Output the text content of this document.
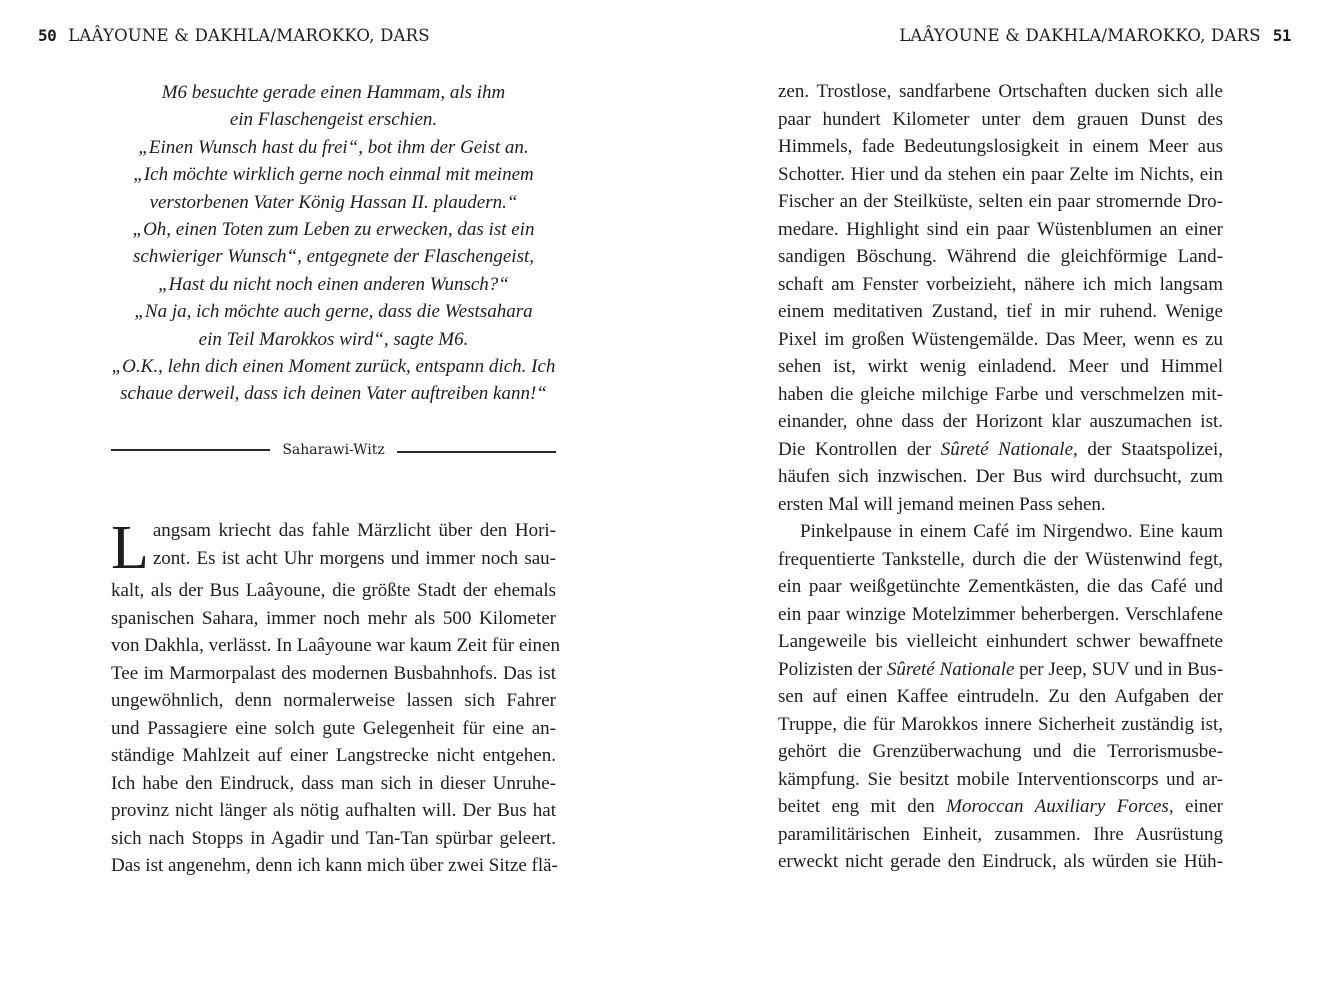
50 LAÂYOUNE & DAKHLA/MAROKKO, DARS	LAÂYOUNE & DAKHLA/MAROKKO, DARS 51
M6 besuchte gerade einen Hammam, als ihm
ein Flaschengeist erschien.
„Einen Wunsch hast du frei“, bot ihm der Geist an.
„Ich möchte wirklich gerne noch einmal mit meinem
verstorbenen Vater König Hassan II. plaudern.“
„Oh, einen Toten zum Leben zu erwecken, das ist ein
schwieriger Wunsch“, entgegnete der Flaschengeist,
„Hast du nicht noch einen anderen Wunsch?“
„Na ja, ich möchte auch gerne, dass die Westsahara
ein Teil Marokkos wird“, sagte M6.
„O.K., lehn dich einen Moment zurück, entspann dich. Ich
schaue derweil, dass ich deinen Vater auftreiben kann!“
Saharawi-Witz
L angsam kriecht das fahle Märzlicht über den Hori-
zont. Es ist acht Uhr morgens und immer noch sau-
kalt, als der Bus Laâyoune, die größte Stadt der ehemals
spanischen Sahara, immer noch mehr als 500 Kilometer
von Dakhla, verlässt. In Laâyoune war kaum Zeit für einen
Tee im Marmorpalast des modernen Busbahnhofs. Das ist
ungewöhnlich, denn normalerweise lassen sich Fahrer
und Passagiere eine solch gute Gelegenheit für eine an-
ständige Mahlzeit auf einer Langstrecke nicht entgehen.
Ich habe den Eindruck, dass man sich in dieser Unruhe-
provinz nicht länger als nötig aufhalten will. Der Bus hat
sich nach Stopps in Agadir und Tan-Tan spürbar geleert.
Das ist angenehm, denn ich kann mich über zwei Sitze flä-
zen. Trostlose, sandfarbene Ortschaften ducken sich alle
paar hundert Kilometer unter dem grauen Dunst des
Himmels, fade Bedeutungslosigkeit in einem Meer aus
Schotter. Hier und da stehen ein paar Zelte im Nichts, ein
Fischer an der Steilküste, selten ein paar stromernde Dro-
medare. Highlight sind ein paar Wüstenblumen an einer
sandigen Böschung. Während die gleichförmige Land-
schaft am Fenster vorbeizieht, nähere ich mich langsam
einem meditativen Zustand, tief in mir ruhend. Wenige
Pixel im großen Wüstengemälde. Das Meer, wenn es zu
sehen ist, wirkt wenig einladend. Meer und Himmel
haben die gleiche milchige Farbe und verschmelzen mit-
einander, ohne dass der Horizont klar auszumachen ist.
Die Kontrollen der Sûreté Nationale, der Staatspolizei,
häufen sich inzwischen. Der Bus wird durchsucht, zum
ersten Mal will jemand meinen Pass sehen.
Pinkelpause in einem Café im Nirgendwo. Eine kaum
frequentierte Tankstelle, durch die der Wüstenwind fegt,
ein paar weißgetünchte Zementkästen, die das Café und
ein paar winzige Motelzimmer beherbergen. Verschlafene
Langeweile bis vielleicht einhundert schwer bewaffnete
Polizisten der Sûreté Nationale per Jeep, SUV und in Bus-
sen auf einen Kaffee eintrudeln. Zu den Aufgaben der
Truppe, die für Marokkos innere Sicherheit zuständig ist,
gehört die Grenzüberwachung und die Terrorismusbe-
kämpfung. Sie besitzt mobile Interventionscorps und ar-
beitet eng mit den Moroccan Auxiliary Forces, einer
paramilitärischen Einheit, zusammen. Ihre Ausrüstung
erweckt nicht gerade den Eindruck, als würden sie Hüh-
